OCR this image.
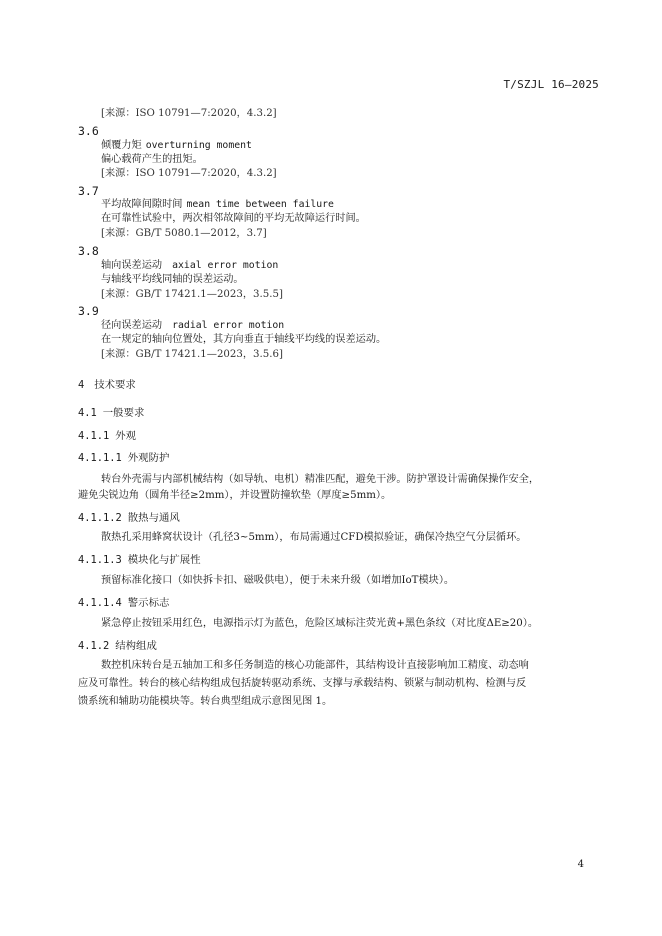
T/SZJL 16—2025
[来源：ISO 10791—7:2020，4.3.2]
3.6
倾覆力矩 overturning moment
偏心载荷产生的扭矩。
[来源：ISO 10791—7:2020，4.3.2]
3.7
平均故障间隙时间 mean time between failure
在可靠性试验中，两次相邻故障间的平均无故障运行时间。
[来源：GB/T 5080.1—2012，3.7]
3.8
轴向误差运动 axial error motion
与轴线平均线同轴的误差运动。
[来源：GB/T 17421.1—2023，3.5.5]
3.9
径向误差运动 radial error motion
在一规定的轴向位置处，其方向垂直于轴线平均线的误差运动。
[来源：GB/T 17421.1—2023，3.5.6]
4 技术要求
4.1 一般要求
4.1.1 外观
4.1.1.1 外观防护
转台外壳需与内部机械结构（如导轨、电机）精准匹配，避免干涉。防护罩设计需确保操作安全，
避免尖锐边角（圆角半径≥2mm），并设置防撞软垫（厚度≥5mm）。
4.1.1.2 散热与通风
散热孔采用蜂窝状设计（孔径3~5mm），布局需通过CFD模拟验证，确保冷热空气分层循环。
4.1.1.3 模块化与扩展性
预留标准化接口（如快拆卡扣、磁吸供电），便于未来升级（如增加IoT模块）。
4.1.1.4 警示标志
紧急停止按钮采用红色，电源指示灯为蓝色，危险区域标注荧光黄+黑色条纹（对比度ΔE≥20）。
4.1.2 结构组成
数控机床转台是五轴加工和多任务制造的核心功能部件，其结构设计直接影响加工精度、动态响
应及可靠性。转台的核心结构组成包括旋转驱动系统、支撑与承载结构、锁紧与制动机构、检测与反
馈系统和辅助功能模块等。转台典型组成示意图见图 1。
4
